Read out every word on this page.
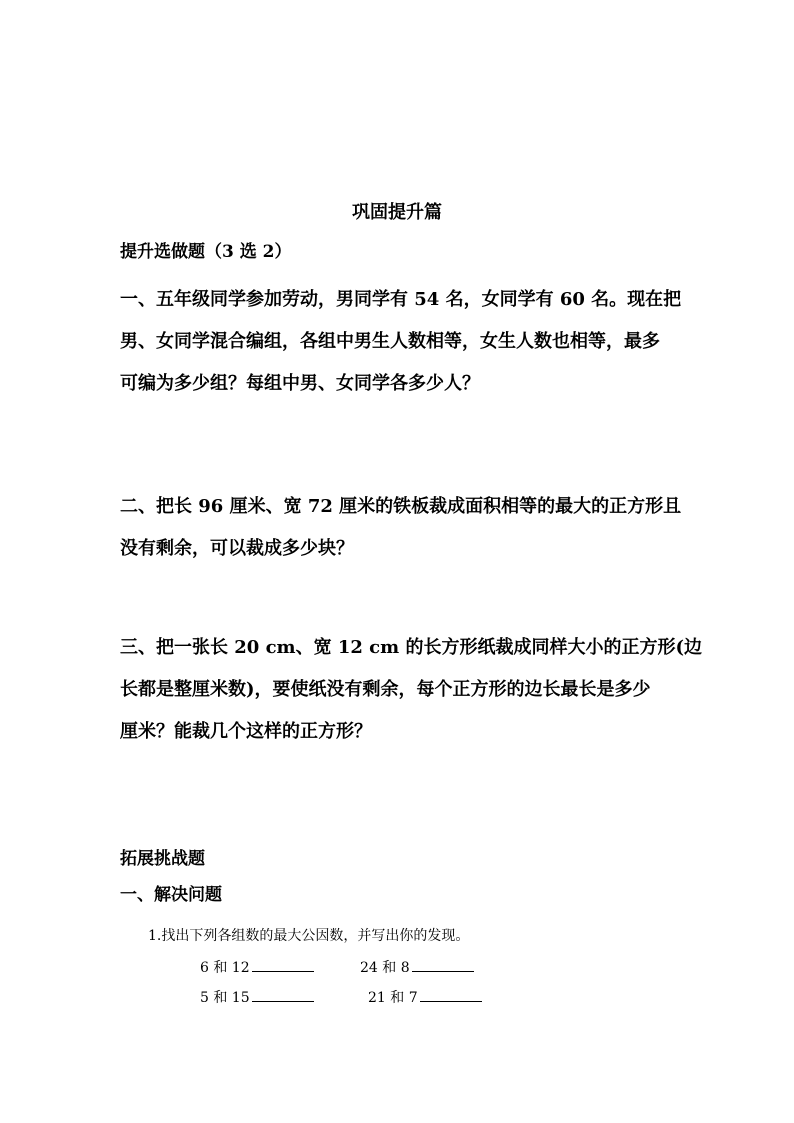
巩固提升篇
提升选做题（3 选 2）
一、五年级同学参加劳动，男同学有 54 名，女同学有 60 名。现在把
男、女同学混合编组，各组中男生人数相等，女生人数也相等，最多
可编为多少组？每组中男、女同学各多少人？
二、把长 96 厘米、宽 72 厘米的铁板裁成面积相等的最大的正方形且
没有剩余，可以裁成多少块？
三、把一张长 20 cm、宽 12 cm 的长方形纸裁成同样大小的正方形(边
长都是整厘米数)，要使纸没有剩余，每个正方形的边长最长是多少
厘米？能裁几个这样的正方形？
拓展挑战题
一、解决问题
1.找出下列各组数的最大公因数，并写出你的发现。
6 和 12	24 和 8
5 和 15	21 和 7
